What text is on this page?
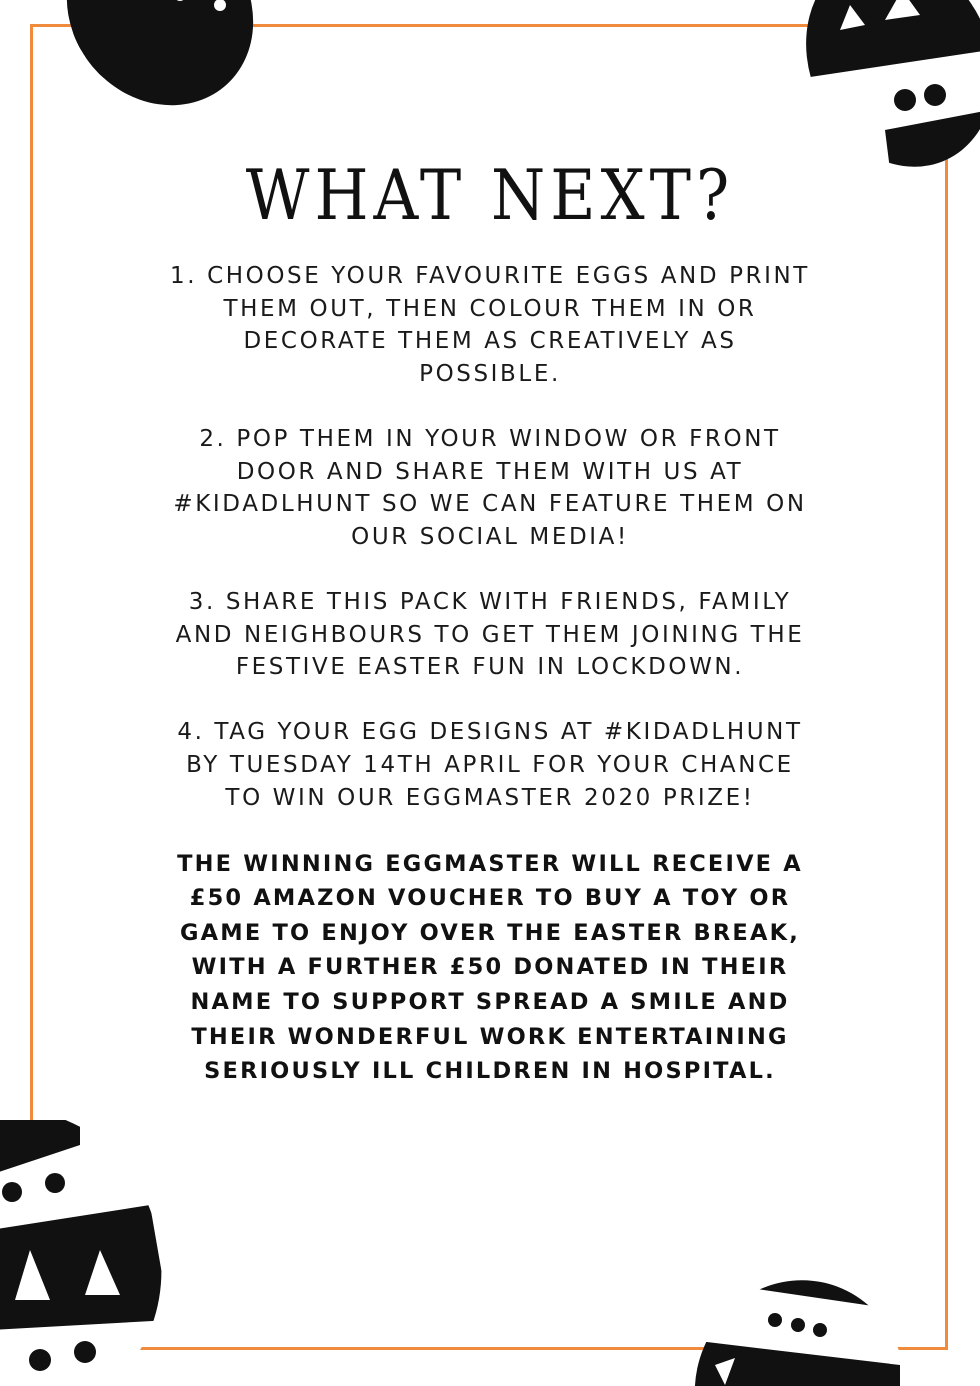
WHAT NEXT?

1. CHOOSE YOUR FAVOURITE EGGS AND PRINT THEM OUT, THEN COLOUR THEM IN OR DECORATE THEM AS CREATIVELY AS POSSIBLE.

2. POP THEM IN YOUR WINDOW OR FRONT DOOR AND SHARE THEM WITH US AT #KIDADLHUNT SO WE CAN FEATURE THEM ON OUR SOCIAL MEDIA!

3. SHARE THIS PACK WITH FRIENDS, FAMILY AND NEIGHBOURS TO GET THEM JOINING THE FESTIVE EASTER FUN IN LOCKDOWN.

4. TAG YOUR EGG DESIGNS AT #KIDADLHUNT BY TUESDAY 14TH APRIL FOR YOUR CHANCE TO WIN OUR EGGMASTER 2020 PRIZE!

THE WINNING EGGMASTER WILL RECEIVE A £50 AMAZON VOUCHER TO BUY A TOY OR GAME TO ENJOY OVER THE EASTER BREAK, WITH A FURTHER £50 DONATED IN THEIR NAME TO SUPPORT SPREAD A SMILE AND THEIR WONDERFUL WORK ENTERTAINING SERIOUSLY ILL CHILDREN IN HOSPITAL.
